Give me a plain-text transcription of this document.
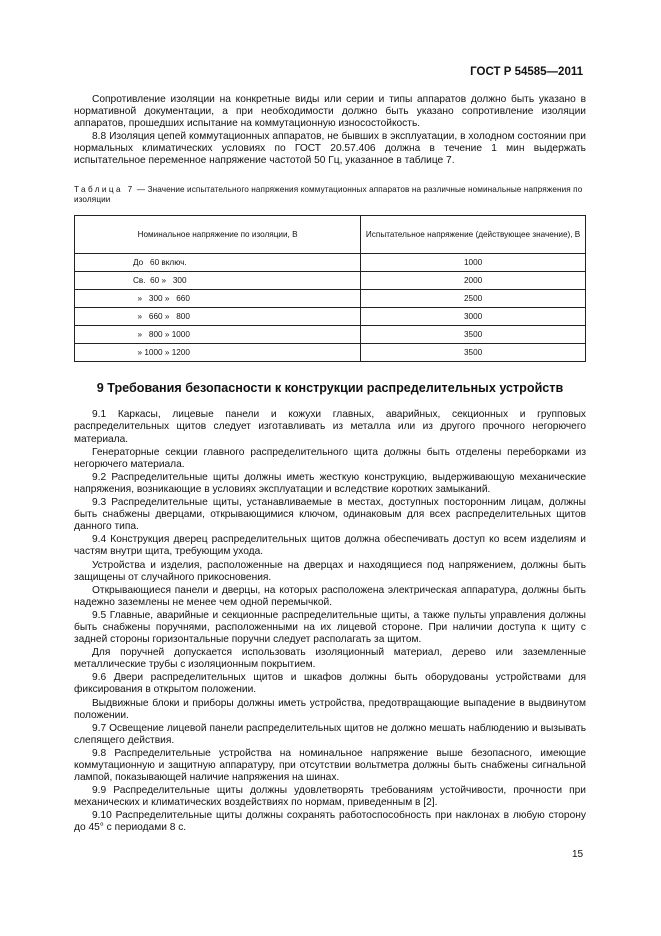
ГОСТ Р 54585—2011

Сопротивление изоляции на конкретные виды или серии и типы аппаратов должно быть указано в нормативной документации, а при необходимости должно быть указано сопротивление изоляции аппаратов, прошедших испытание на коммутационную износостойкость.

8.8 Изоляция цепей коммутационных аппаратов, не бывших в эксплуатации, в холодном состоянии при нормальных климатических условиях по ГОСТ 20.57.406 должна в течение 1 мин выдержать испытательное переменное напряжение частотой 50 Гц, указанное в таблице 7.

Таблица 7 — Значение испытательного напряжения коммутационных аппаратов на различные номинальные напряжения по изоляции
Номинальное напряжение по изоляции, В	Испытательное напряжение (действующее значение), В
До   60 включ.	1000
Св.  60 »   300	2000
»   300 »   660	2500
»   660 »   800	3000
»   800 » 1000	3500
» 1000 » 1200	3500
9 Требования безопасности к конструкции распределительных устройств

9.1 Каркасы, лицевые панели и кожухи главных, аварийных, секционных и групповых распределительных щитов следует изготавливать из металла или из другого прочного негорючего материала.

Генераторные секции главного распределительного щита должны быть отделены переборками из негорючего материала.

9.2 Распределительные щиты должны иметь жесткую конструкцию, выдерживающую механические напряжения, возникающие в условиях эксплуатации и вследствие коротких замыканий.

9.3 Распределительные щиты, устанавливаемые в местах, доступных посторонним лицам, должны быть снабжены дверцами, открывающимися ключом, одинаковым для всех распределительных щитов данного типа.

9.4 Конструкция дверец распределительных щитов должна обеспечивать доступ ко всем изделиям и частям внутри щита, требующим ухода.

Устройства и изделия, расположенные на дверцах и находящиеся под напряжением, должны быть защищены от случайного прикосновения.

Открывающиеся панели и дверцы, на которых расположена электрическая аппаратура, должны быть надежно заземлены не менее чем одной перемычкой.

9.5 Главные, аварийные и секционные распределительные щиты, а также пульты управления должны быть снабжены поручнями, расположенными на их лицевой стороне. При наличии доступа к щиту с задней стороны горизонтальные поручни следует располагать за щитом.

Для поручней допускается использовать изоляционный материал, дерево или заземленные металлические трубы с изоляционным покрытием.

9.6 Двери распределительных щитов и шкафов должны быть оборудованы устройствами для фиксирования в открытом положении.

Выдвижные блоки и приборы должны иметь устройства, предотвращающие выпадение в выдвинутом положении.

9.7 Освещение лицевой панели распределительных щитов не должно мешать наблюдению и вызывать слепящего действия.

9.8 Распределительные устройства на номинальное напряжение выше безопасного, имеющие коммутационную и защитную аппаратуру, при отсутствии вольтметра должны быть снабжены сигнальной лампой, показывающей наличие напряжения на шинах.

9.9 Распределительные щиты должны удовлетворять требованиям устойчивости, прочности при механических и климатических воздействиях по нормам, приведенным в [2].

9.10 Распределительные щиты должны сохранять работоспособность при наклонах в любую сторону до 45° с периодами 8 с.

15
